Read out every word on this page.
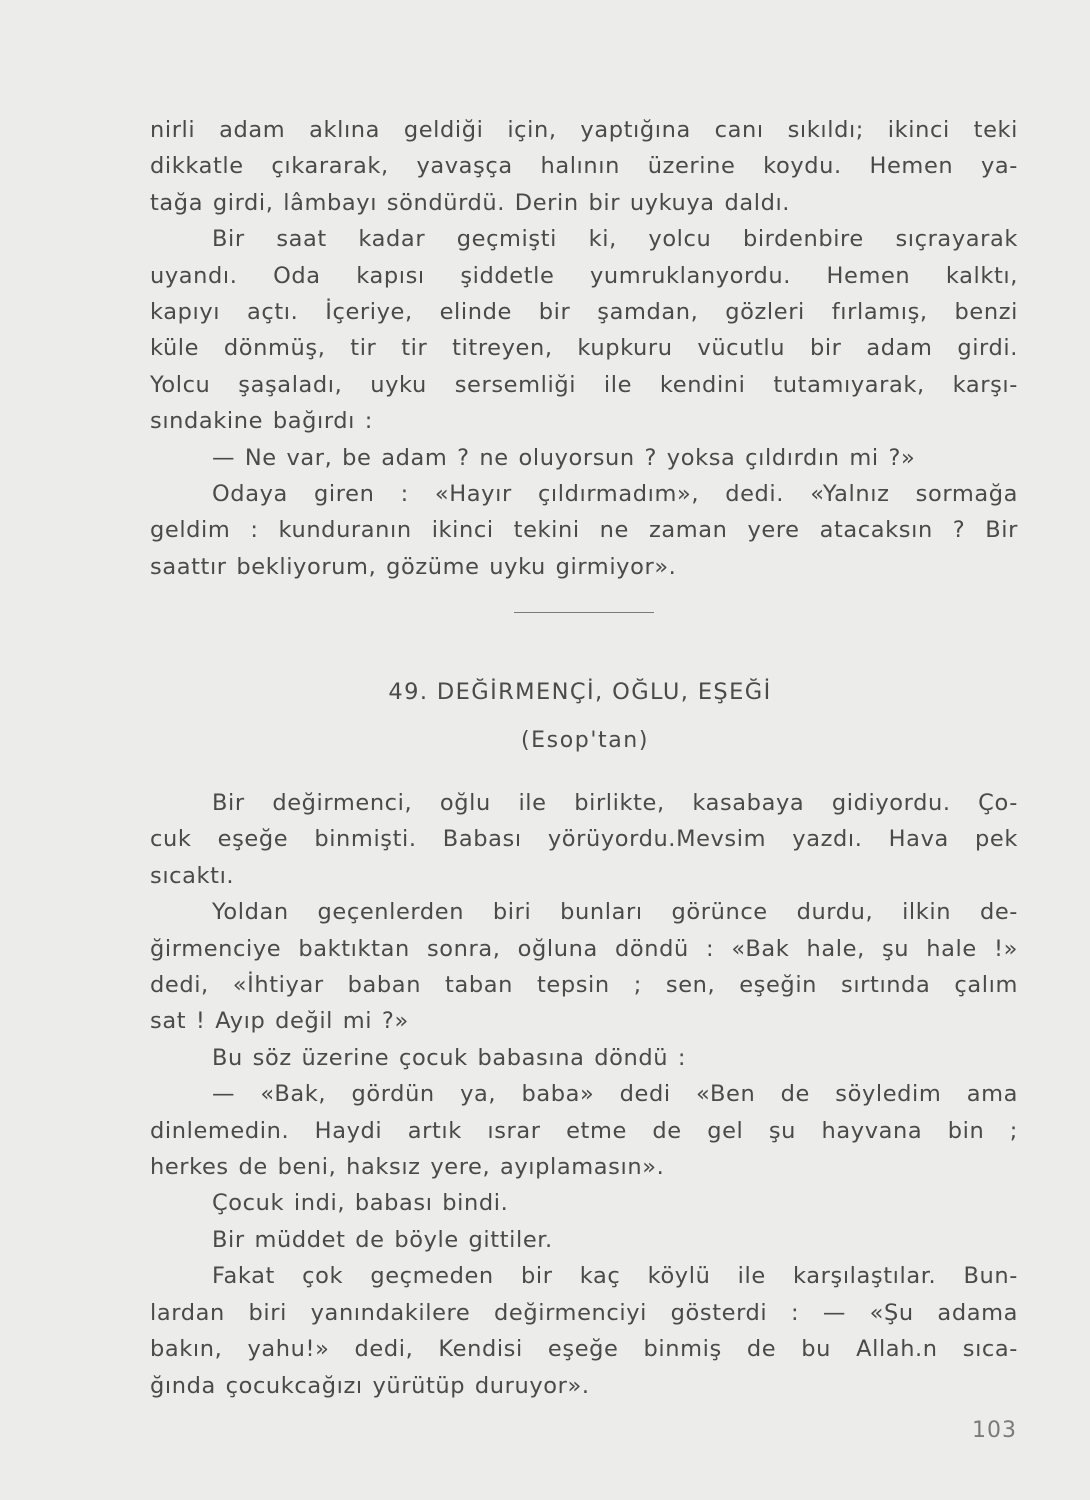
nirli adam aklına geldiği için, yaptığına canı sıkıldı; ikinci teki
dikkatle çıkararak, yavaşça halının üzerine koydu. Hemen ya-
tağa girdi, lâmbayı söndürdü. Derin bir uykuya daldı.
Bir saat kadar geçmişti ki, yolcu birdenbire sıçrayarak
uyandı. Oda kapısı şiddetle yumruklanyordu. Hemen kalktı,
kapıyı açtı. İçeriye, elinde bir şamdan, gözleri fırlamış, benzi
küle dönmüş, tir tir titreyen, kupkuru vücutlu bir adam girdi.
Yolcu şaşaladı, uyku sersemliği ile kendini tutamıyarak, karşı-
sındakine bağırdı :
— Ne var, be adam ? ne oluyorsun ? yoksa çıldırdın mi ?»
Odaya giren : «Hayır çıldırmadım», dedi. «Yalnız sormağa
geldim : kunduranın ikinci tekini ne zaman yere atacaksın ? Bir
saattır bekliyorum, gözüme uyku girmiyor».
49. DEĞİRMENÇİ, OĞLU, EŞEĞİ
(Esop'tan)
Bir değirmenci, oğlu ile birlikte, kasabaya gidiyordu. Ço-
cuk eşeğe binmişti. Babası yörüyordu.Mevsim yazdı. Hava pek
sıcaktı.
Yoldan geçenlerden biri bunları görünce durdu, ilkin de-
ğirmenciye baktıktan sonra, oğluna döndü : «Bak hale, şu hale !»
dedi, «İhtiyar baban taban tepsin ; sen, eşeğin sırtında çalım
sat ! Ayıp değil mi ?»
Bu söz üzerine çocuk babasına döndü :
— «Bak, gördün ya, baba» dedi «Ben de söyledim ama
dinlemedin. Haydi artık ısrar etme de gel şu hayvana bin ;
herkes de beni, haksız yere, ayıplamasın».
Çocuk indi, babası bindi.
Bir müddet de böyle gittiler.
Fakat çok geçmeden bir kaç köylü ile karşılaştılar. Bun-
lardan biri yanındakilere değirmenciyi gösterdi : — «Şu adama
bakın, yahu!» dedi, Kendisi eşeğe binmiş de bu Allah.n sıca-
ğında çocukcağızı yürütüp duruyor».
103
